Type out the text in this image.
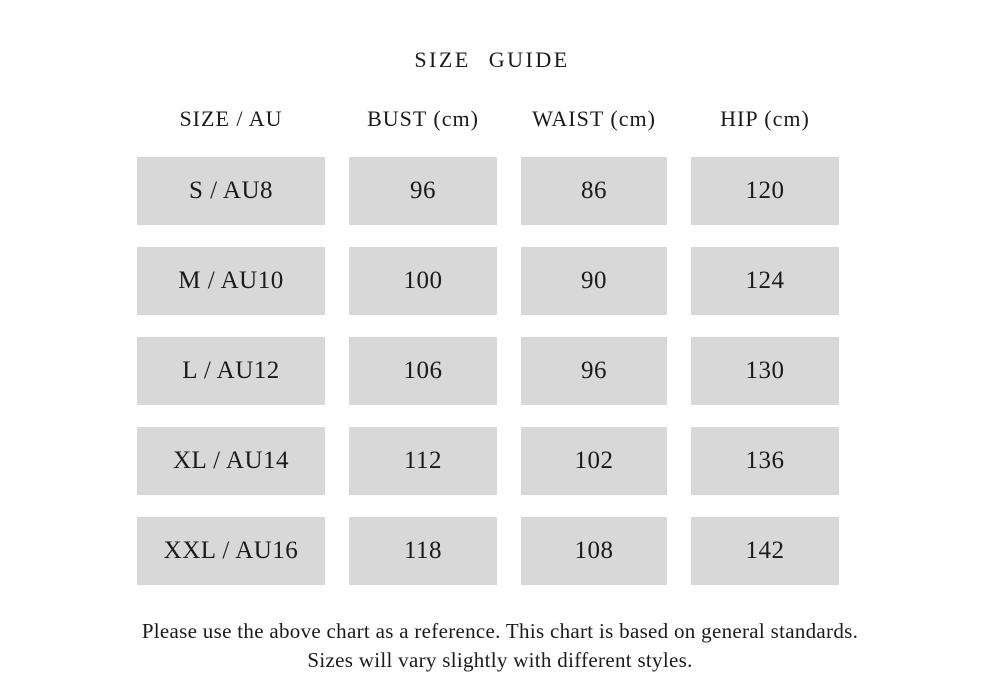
SIZE GUIDE
SIZE / AU	BUST (cm)	WAIST (cm)	HIP (cm)
S / AU8	96	86	120
M / AU10	100	90	124
L / AU12	106	96	130
XL / AU14	112	102	136
XXL / AU16	118	108	142
Please use the above chart as a reference. This chart is based on general standards.
Sizes will vary slightly with different styles.
